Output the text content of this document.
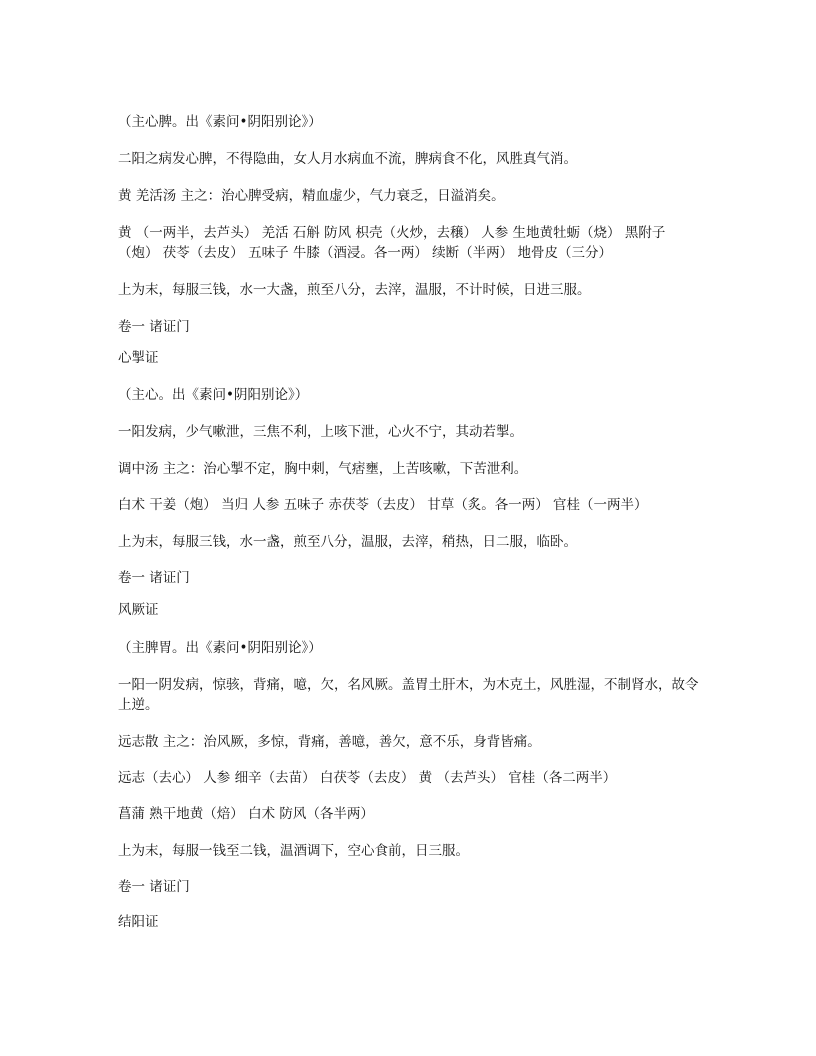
（主心脾。出《素问•阴阳别论》）

二阳之病发心脾，不得隐曲，女人月水病血不流，脾病食不化，风胜真气消。

黄 羌活汤 主之：治心脾受病，精血虚少，气力衰乏，日溢消矣。

黄 （一两半，去芦头） 羌活 石斛 防风 枳壳（火炒，去穣） 人参 生地黄牡蛎（烧） 黑附子（炮） 茯苓（去皮） 五味子 牛膝（酒浸。各一两） 续断（半两） 地骨皮（三分）

上为末，每服三钱，水一大盏，煎至八分，去滓，温服，不计时候，日进三服。

卷一 诸证门

心掣证

（主心。出《素问•阴阳别论》）

一阳发病，少气嗽泄，三焦不利，上咳下泄，心火不宁，其动若掣。

调中汤 主之：治心掣不定，胸中刺，气痞壅，上苦咳嗽，下苦泄利。

白术 干姜（炮） 当归 人参 五味子 赤茯苓（去皮） 甘草（炙。各一两） 官桂（一两半）

上为末，每服三钱，水一盏，煎至八分，温服，去滓，稍热，日二服，临卧。

卷一 诸证门

风厥证

（主脾胃。出《素问•阴阳别论》）

一阳一阴发病，惊骇，背痛，噫，欠，名风厥。盖胃土肝木，为木克土，风胜湿，不制肾水，故令上逆。

远志散 主之：治风厥，多惊，背痛，善噫，善欠，意不乐，身背皆痛。

远志（去心） 人参 细辛（去苗） 白茯苓（去皮） 黄 （去芦头） 官桂（各二两半）

菖蒲 熟干地黄（焙） 白术 防风（各半两）

上为末，每服一钱至二钱，温酒调下，空心食前，日三服。

卷一 诸证门

结阳证
